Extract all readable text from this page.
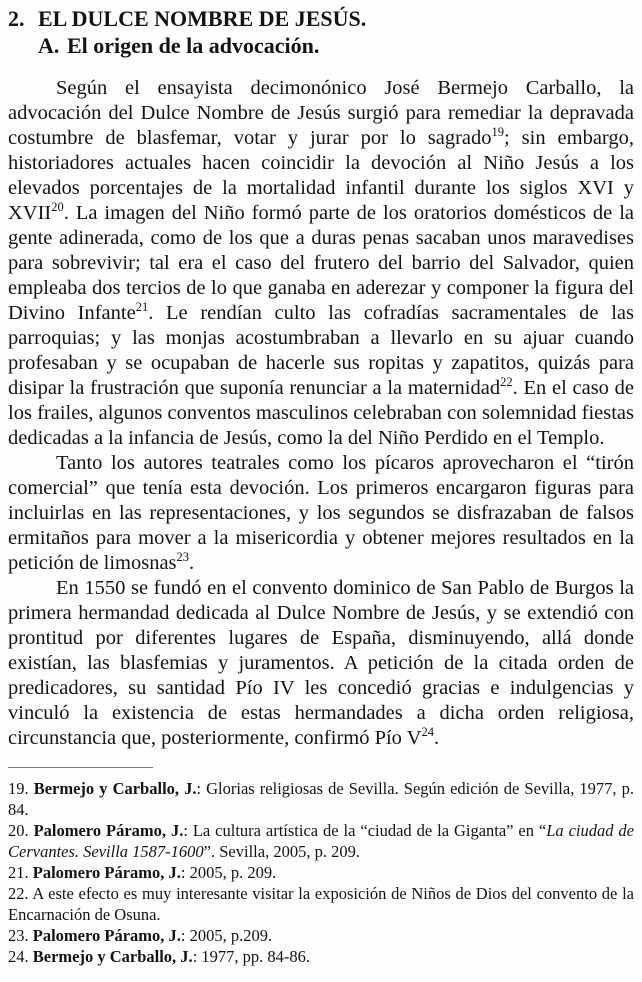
2. EL DULCE NOMBRE DE JESÚS.
A. El origen de la advocación.

Según el ensayista decimonónico José Bermejo Carballo, la advocación del Dulce Nombre de Jesús surgió para remediar la depravada costumbre de blasfemar, votar y jurar por lo sagrado$^{19}$; sin embargo, historiadores actuales hacen coincidir la devoción al Niño Jesús a los elevados porcentajes de la mortalidad infantil durante los siglos XVI y XVII$^{20}$. La imagen del Niño formó parte de los oratorios domésticos de la gente adinerada, como de los que a duras penas sacaban unos maravedises para sobrevivir; tal era el caso del frutero del barrio del Salvador, quien empleaba dos tercios de lo que ganaba en aderezar y componer la figura del Divino Infante$^{21}$. Le rendían culto las cofradías sacramentales de las parroquias; y las monjas acostumbraban a llevarlo en su ajuar cuando profesaban y se ocupaban de hacerle sus ropitas y zapatitos, quizás para disipar la frustración que suponía renunciar a la maternidad$^{22}$. En el caso de los frailes, algunos conventos masculinos celebraban con solemnidad fiestas dedicadas a la infancia de Jesús, como la del Niño Perdido en el Templo.

Tanto los autores teatrales como los pícaros aprovecharon el “tirón comercial” que tenía esta devoción. Los primeros encargaron figuras para incluirlas en las representaciones, y los segundos se disfrazaban de falsos ermitaños para mover a la misericordia y obtener mejores resultados en la petición de limosnas$^{23}$.

En 1550 se fundó en el convento dominico de San Pablo de Burgos la primera hermandad dedicada al Dulce Nombre de Jesús, y se extendió con prontitud por diferentes lugares de España, disminuyendo, allá donde existían, las blasfemias y juramentos. A petición de la citada orden de predicadores, su santidad Pío IV les concedió gracias e indulgencias y vinculó la existencia de estas hermandades a dicha orden religiosa, circunstancia que, posteriormente, confirmó Pío $V^{24}$.

19. Bermejo y Carballo, J.: Glorias religiosas de Sevilla. Según edición de Sevilla, 1977, p. 84.
20. Palomero Páramo, J.: La cultura artística de la “ciudad de la Giganta” en “La ciudad de Cervantes. Sevilla 1587-1600”. Sevilla, 2005, p. 209.
21. Palomero Páramo, J.: 2005, p. 209.
22. A este efecto es muy interesante visitar la exposición de Niños de Dios del convento de la Encarnación de Osuna.
23. Palomero Páramo, J.: 2005, p.209.
24. Bermejo y Carballo, J.: 1977, pp. 84-86.
